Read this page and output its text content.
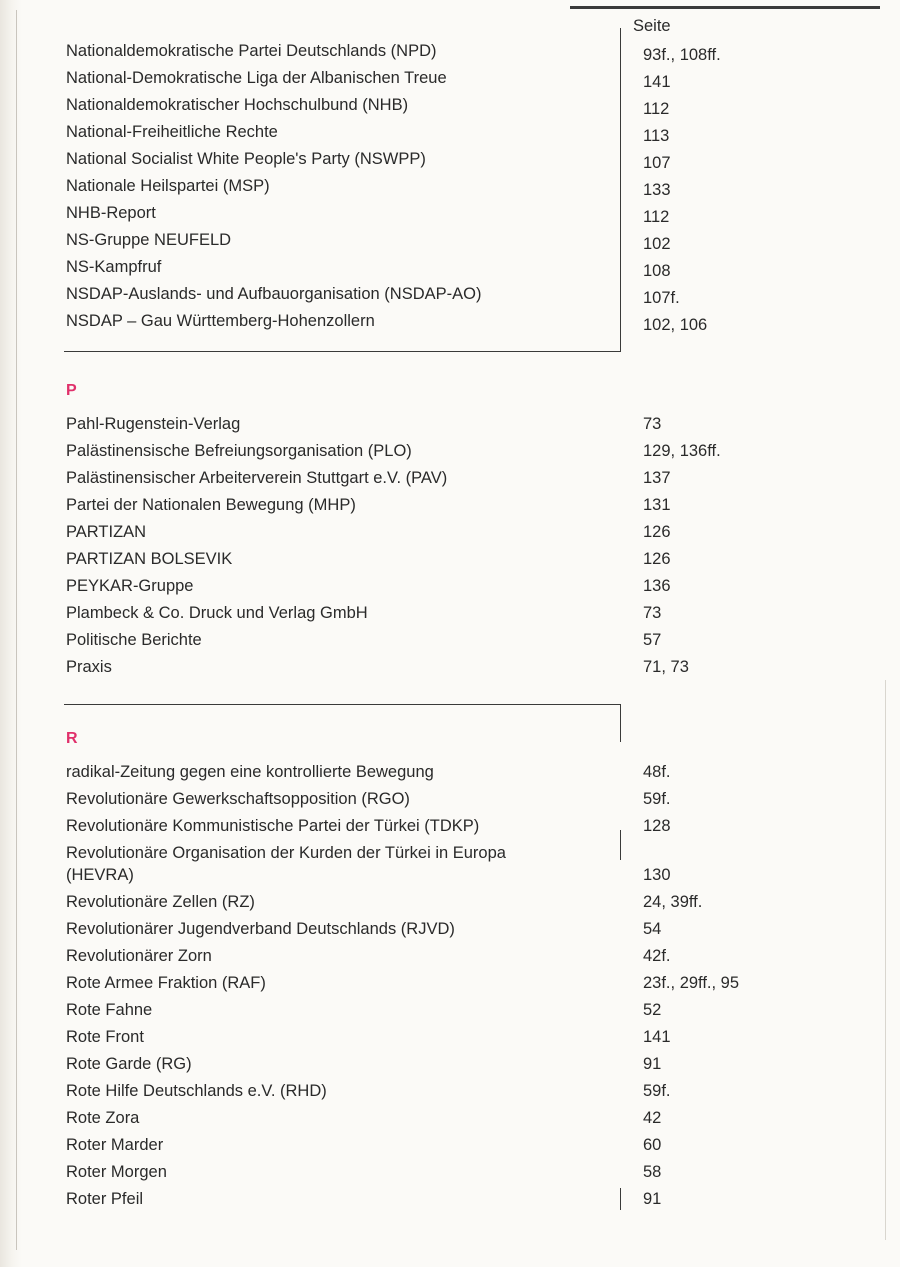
Seite
Nationaldemokratische Partei Deutschlands (NPD)	93f., 108ff.
National-Demokratische Liga der Albanischen Treue	141
Nationaldemokratischer Hochschulbund (NHB)	112
National-Freiheitliche Rechte	113
National Socialist White People's Party (NSWPP)	107
Nationale Heilspartei (MSP)	133
NHB-Report	112
NS-Gruppe NEUFELD	102
NS-Kampfruf	108
NSDAP-Auslands- und Aufbauorganisation (NSDAP-AO)	107f.
NSDAP – Gau Württemberg-Hohenzollern	102, 106
P
Pahl-Rugenstein-Verlag	73
Palästinensische Befreiungsorganisation (PLO)	129, 136ff.
Palästinensischer Arbeiterverein Stuttgart e.V. (PAV)	137
Partei der Nationalen Bewegung (MHP)	131
PARTIZAN	126
PARTIZAN BOLSEVIK	126
PEYKAR-Gruppe	136
Plambeck & Co. Druck und Verlag GmbH	73
Politische Berichte	57
Praxis	71, 73
R
radikal-Zeitung gegen eine kontrollierte Bewegung	48f.
Revolutionäre Gewerkschaftsopposition (RGO)	59f.
Revolutionäre Kommunistische Partei der Türkei (TDKP)	128
Revolutionäre Organisation der Kurden der Türkei in Europa
(HEVRA)	130
Revolutionäre Zellen (RZ)	24, 39ff.
Revolutionärer Jugendverband Deutschlands (RJVD)	54
Revolutionärer Zorn	42f.
Rote Armee Fraktion (RAF)	23f., 29ff., 95
Rote Fahne	52
Rote Front	141
Rote Garde (RG)	91
Rote Hilfe Deutschlands e.V. (RHD)	59f.
Rote Zora	42
Roter Marder	60
Roter Morgen	58
Roter Pfeil	91
